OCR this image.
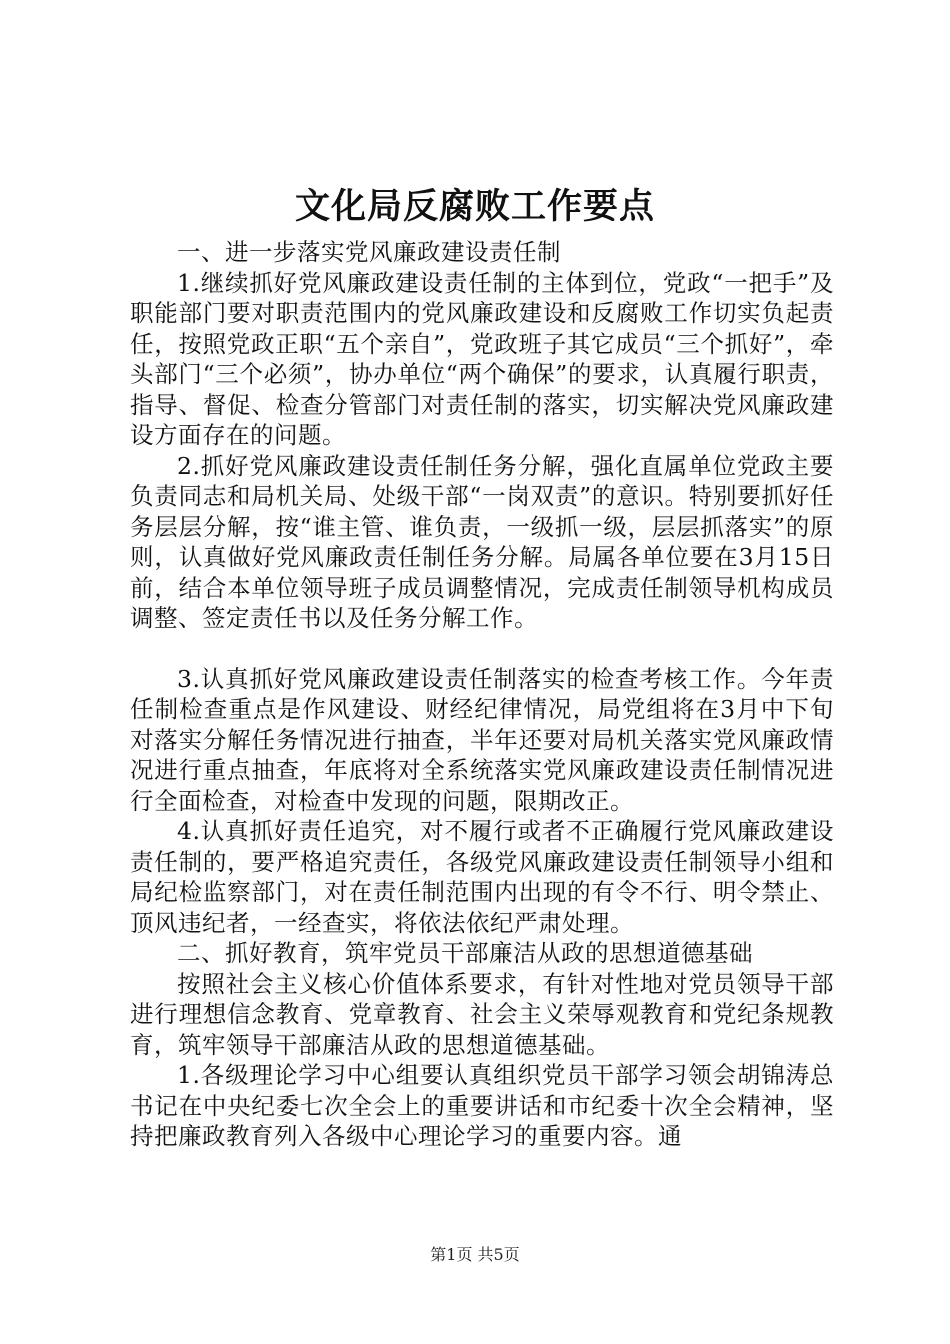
文化局反腐败工作要点

一、进一步落实党风廉政建设责任制

1.继续抓好党风廉政建设责任制的主体到位，党政“一把手”及职能部门要对职责范围内的党风廉政建设和反腐败工作切实负起责任，按照党政正职“五个亲自”，党政班子其它成员“三个抓好”，牵头部门“三个必须”，协办单位“两个确保”的要求，认真履行职责，指导、督促、检查分管部门对责任制的落实，切实解决党风廉政建设方面存在的问题。

2.抓好党风廉政建设责任制任务分解，强化直属单位党政主要负责同志和局机关局、处级干部“一岗双责”的意识。特别要抓好任务层层分解，按“谁主管、谁负责，一级抓一级，层层抓落实”的原则，认真做好党风廉政责任制任务分解。局属各单位要在3月15日前，结合本单位领导班子成员调整情况，完成责任制领导机构成员调整、签定责任书以及任务分解工作。

3.认真抓好党风廉政建设责任制落实的检查考核工作。今年责任制检查重点是作风建设、财经纪律情况，局党组将在3月中下旬对落实分解任务情况进行抽查，半年还要对局机关落实党风廉政情况进行重点抽查，年底将对全系统落实党风廉政建设责任制情况进行全面检查，对检查中发现的问题，限期改正。

4.认真抓好责任追究，对不履行或者不正确履行党风廉政建设责任制的，要严格追究责任，各级党风廉政建设责任制领导小组和局纪检监察部门，对在责任制范围内出现的有令不行、明令禁止、顶风违纪者，一经查实，将依法依纪严肃处理。

二、抓好教育，筑牢党员干部廉洁从政的思想道德基础

按照社会主义核心价值体系要求，有针对性地对党员领导干部进行理想信念教育、党章教育、社会主义荣辱观教育和党纪条规教育，筑牢领导干部廉洁从政的思想道德基础。

1.各级理论学习中心组要认真组织党员干部学习领会胡锦涛总书记在中央纪委七次全会上的重要讲话和市纪委十次全会精神，坚持把廉政教育列入各级中心理论学习的重要内容。通

第1页 共5页
